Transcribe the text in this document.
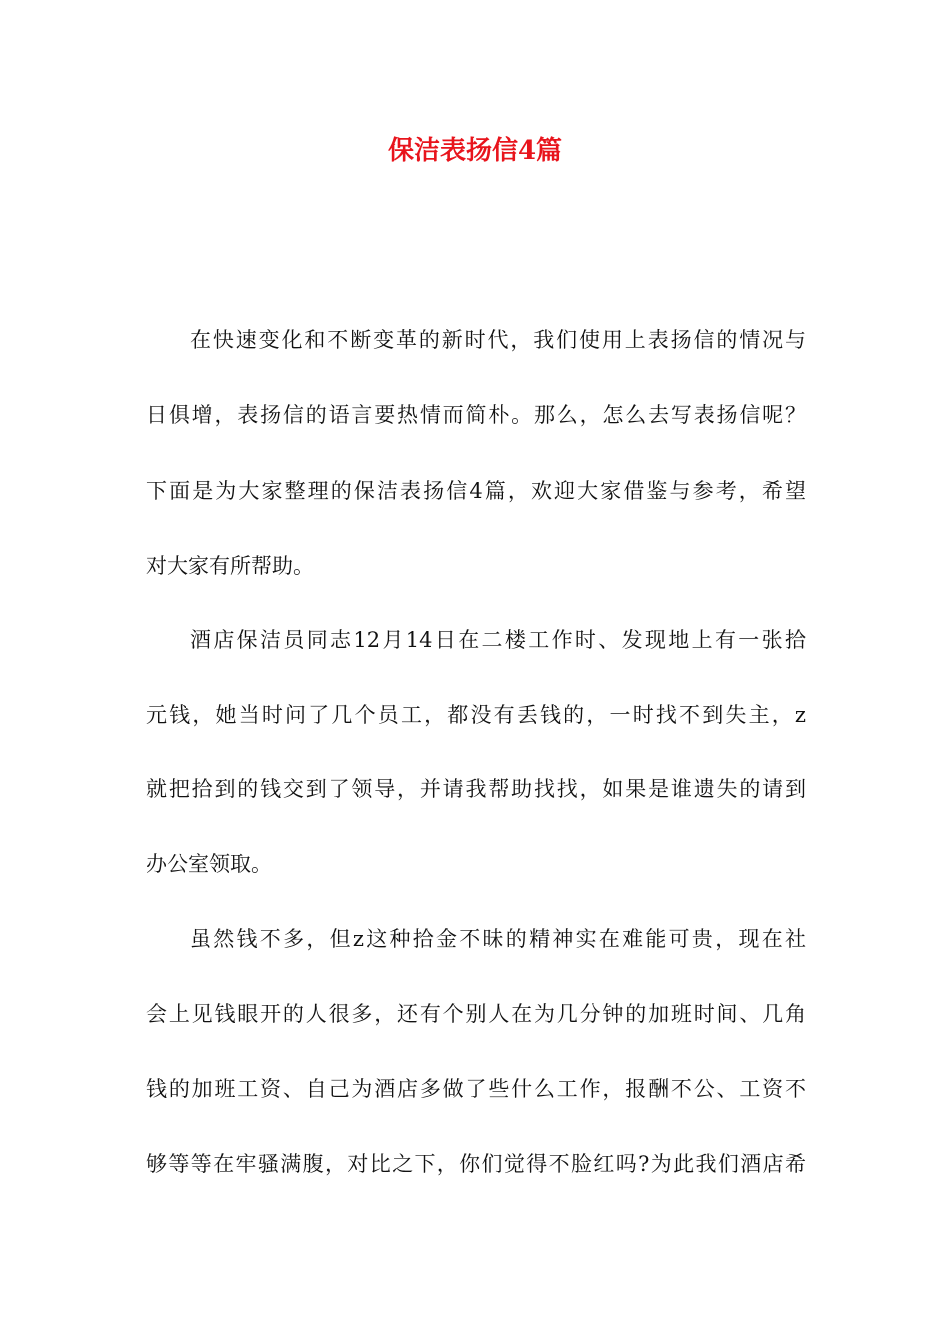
保洁表扬信4篇
在快速变化和不断变革的新时代，我们使用上表扬信的情况与
日俱增，表扬信的语言要热情而简朴。那么，怎么去写表扬信呢？
下面是为大家整理的保洁表扬信4篇，欢迎大家借鉴与参考，希望
对大家有所帮助。
酒店保洁员同志12月14日在二楼工作时、发现地上有一张拾
元钱，她当时问了几个员工，都没有丢钱的，一时找不到失主，z
就把拾到的钱交到了领导，并请我帮助找找，如果是谁遗失的请到
办公室领取。
虽然钱不多，但z这种拾金不昧的精神实在难能可贵，现在社
会上见钱眼开的人很多，还有个别人在为几分钟的加班时间、几角
钱的加班工资、自己为酒店多做了些什么工作，报酬不公、工资不
够等等在牢骚满腹，对比之下，你们觉得不脸红吗?为此我们酒店希
